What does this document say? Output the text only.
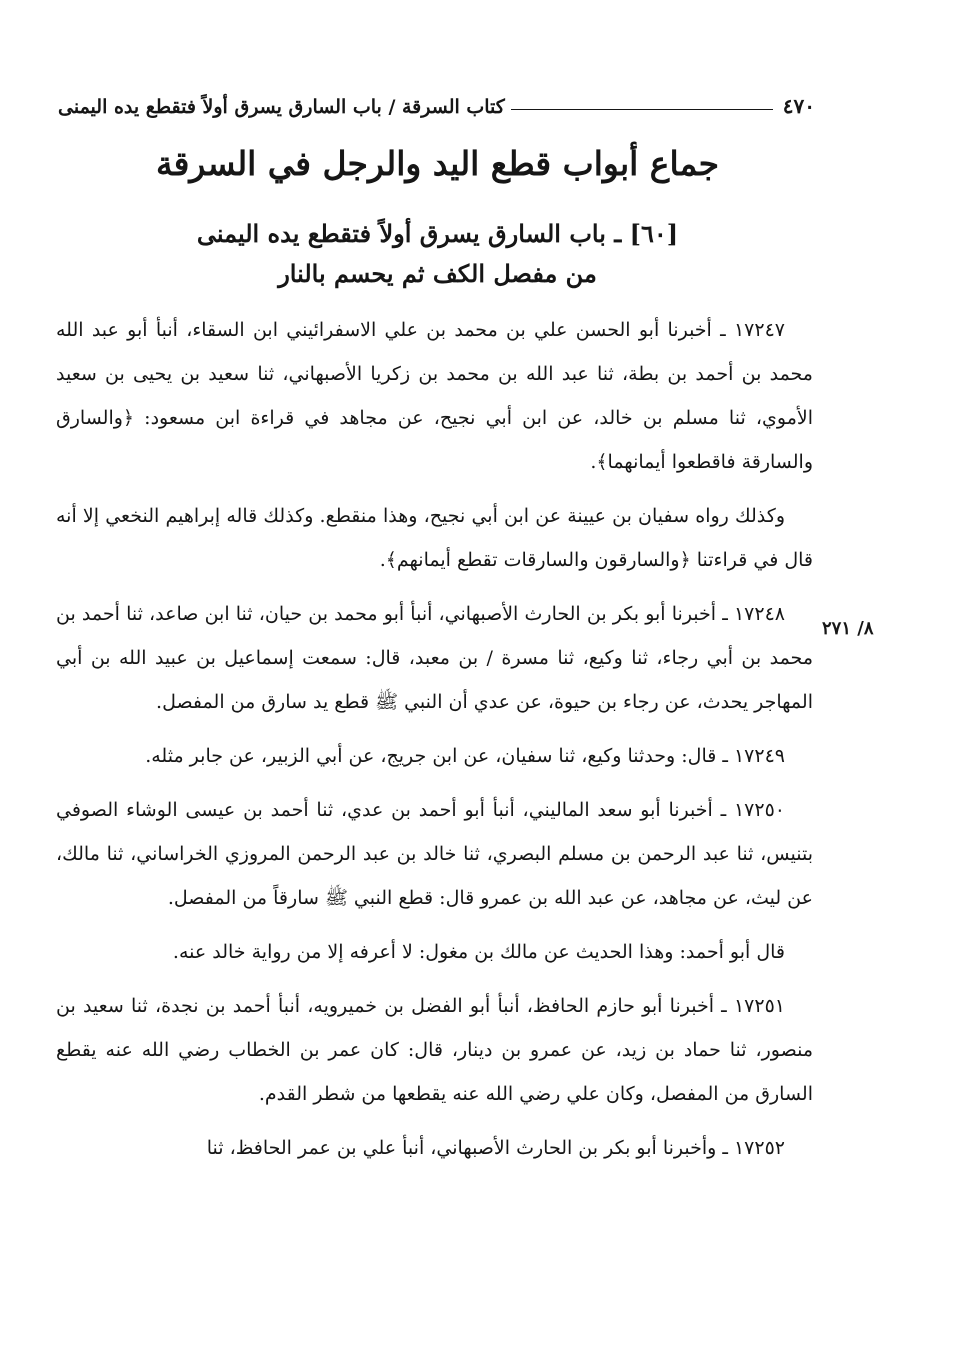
٤٧٠
كتاب السرقة / باب السارق يسرق أولاً فتقطع يده اليمنى
جماع أبواب قطع اليد والرجل في السرقة
[٦٠] ـ باب السارق يسرق أولاً فتقطع يده اليمنى
من مفصل الكف ثم يحسم بالنار
٨/ ٢٧١

١٧٢٤٧ ـ أخبرنا أبو الحسن علي بن محمد بن علي الاسفرائيني ابن السقاء، أنبأ أبو عبد الله محمد بن أحمد بن بطة، ثنا عبد الله بن محمد بن زكريا الأصبهاني، ثنا سعيد بن يحيى بن سعيد الأموي، ثنا مسلم بن خالد، عن ابن أبي نجيح، عن مجاهد في قراءة ابن مسعود: ﴿والسارق والسارقة فاقطعوا أيمانهما﴾.

وكذلك رواه سفيان بن عيينة عن ابن أبي نجيح، وهذا منقطع. وكذلك قاله إبراهيم النخعي إلا أنه قال في قراءتنا ﴿والسارقون والسارقات تقطع أيمانهم﴾.

١٧٢٤٨ ـ أخبرنا أبو بكر بن الحارث الأصبهاني، أنبأ أبو محمد بن حيان، ثنا ابن صاعد، ثنا أحمد بن محمد بن أبي رجاء، ثنا وكيع، ثنا مسرة / بن معبد، قال: سمعت إسماعيل بن عبيد الله بن أبي المهاجر يحدث، عن رجاء بن حيوة، عن عدي أن النبي ﷺ قطع يد سارق من المفصل.

١٧٢٤٩ ـ قال: وحدثنا وكيع، ثنا سفيان، عن ابن جريج، عن أبي الزبير، عن جابر مثله.

١٧٢٥٠ ـ أخبرنا أبو سعد الماليني، أنبأ أبو أحمد بن عدي، ثنا أحمد بن عيسى الوشاء الصوفي بتنيس، ثنا عبد الرحمن بن مسلم البصري، ثنا خالد بن عبد الرحمن المروزي الخراساني، ثنا مالك، عن ليث، عن مجاهد، عن عبد الله بن عمرو قال: قطع النبي ﷺ سارقاً من المفصل.

قال أبو أحمد: وهذا الحديث عن مالك بن مغول: لا أعرفه إلا من رواية خالد عنه.

١٧٢٥١ ـ أخبرنا أبو حازم الحافظ، أنبأ أبو الفضل بن خميرويه، أنبأ أحمد بن نجدة، ثنا سعيد بن منصور، ثنا حماد بن زيد، عن عمرو بن دينار، قال: كان عمر بن الخطاب رضي الله عنه يقطع السارق من المفصل، وكان علي رضي الله عنه يقطعها من شطر القدم.

١٧٢٥٢ ـ وأخبرنا أبو بكر بن الحارث الأصبهاني، أنبأ علي بن عمر الحافظ، ثنا
